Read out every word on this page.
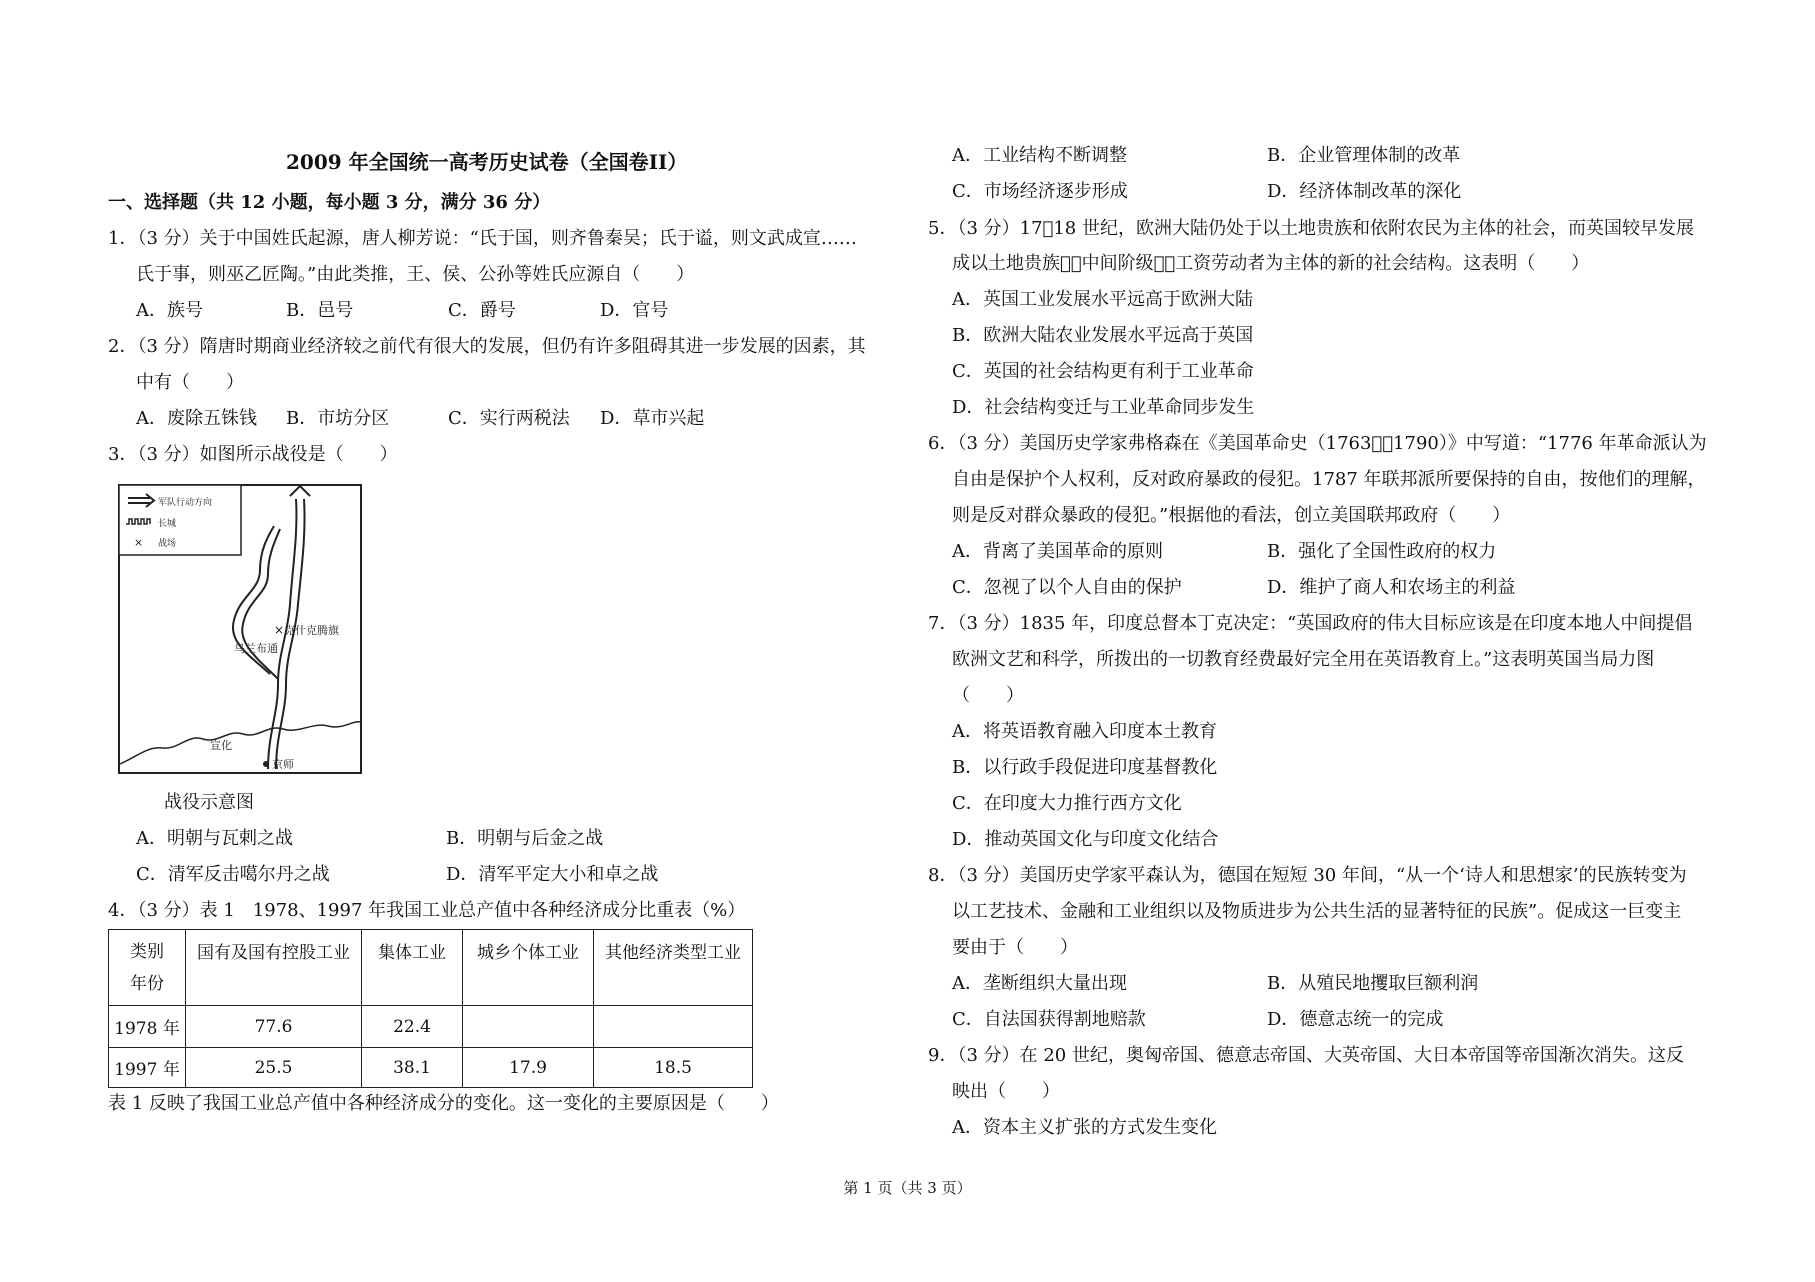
2009 年全国统一高考历史试卷（全国卷II）
一、选择题（共 12 小题，每小题 3 分，满分 36 分）
1．（3 分）关于中国姓氏起源，唐人柳芳说：“氏于国，则齐鲁秦吴；氏于谥，则文武成宣……
氏于事，则巫乙匠陶。”由此类推，王、侯、公孙等姓氏应源自（　　）
A．族号	B．邑号	C．爵号	D．官号
2．（3 分）隋唐时期商业经济较之前代有很大的发展，但仍有许多阻碍其进一步发展的因素，其
中有（　　）
A．废除五铢钱 B．市坊分区	C．实行两税法 D．草市兴起
3．（3 分）如图所示战役是（　　）
军队行动方向
长城
× 战场
× 克什克腾旗
乌兰布通
宣化
京师
战役示意图
A．明朝与瓦剌之战	B．明朝与后金之战
C．清军反击噶尔丹之战	D．清军平定大小和卓之战
4．（3 分）表 1　1978、1997 年我国工业总产值中各种经济成分比重表（%）
类别
年份	国有及国有控股工业	集体工业	城乡个体工业	其他经济类型工业
1978 年	77.6	22.4		
1997 年	25.5	38.1	17.9	18.5
表 1 反映了我国工业总产值中各种经济成分的变化。这一变化的主要原因是（　　）
A．工业结构不断调整	B．企业管理体制的改革
C．市场经济逐步形成	D．经济体制改革的深化
5．（3 分）17󰊧18 世纪，欧洲大陆仍处于以土地贵族和依附农民为主体的社会，而英国较早发展
成以土地贵族󰊧󰊧中间阶级󰊧󰊧工资劳动者为主体的新的社会结构。这表明（　　）
A．英国工业发展水平远高于欧洲大陆
B．欧洲大陆农业发展水平远高于英国
C．英国的社会结构更有利于工业革命
D．社会结构变迁与工业革命同步发生
6．（3 分）美国历史学家弗格森在《美国革命史（1763󰊧󰊧1790）》中写道：“1776 年革命派认为
自由是保护个人权利，反对政府暴政的侵犯。1787 年联邦派所要保持的自由，按他们的理解，
则是反对群众暴政的侵犯。”根据他的看法，创立美国联邦政府（　　）
A．背离了美国革命的原则	B．强化了全国性政府的权力
C．忽视了以个人自由的保护	D．维护了商人和农场主的利益
7．（3 分）1835 年，印度总督本丁克决定：“英国政府的伟大目标应该是在印度本地人中间提倡
欧洲文艺和科学，所拨出的一切教育经费最好完全用在英语教育上。”这表明英国当局力图
（　　）
A．将英语教育融入印度本土教育
B．以行政手段促进印度基督教化
C．在印度大力推行西方文化
D．推动英国文化与印度文化结合
8．（3 分）美国历史学家平森认为，德国在短短 30 年间，“从一个‘诗人和思想家’的民族转变为
以工艺技术、金融和工业组织以及物质进步为公共生活的显著特征的民族”。促成这一巨变主
要由于（　　）
A．垄断组织大量出现	B．从殖民地攫取巨额利润
C．自法国获得割地赔款	D．德意志统一的完成
9．（3 分）在 20 世纪，奥匈帝国、德意志帝国、大英帝国、大日本帝国等帝国渐次消失。这反
映出（　　）
A．资本主义扩张的方式发生变化
第 1 页（共 3 页）
